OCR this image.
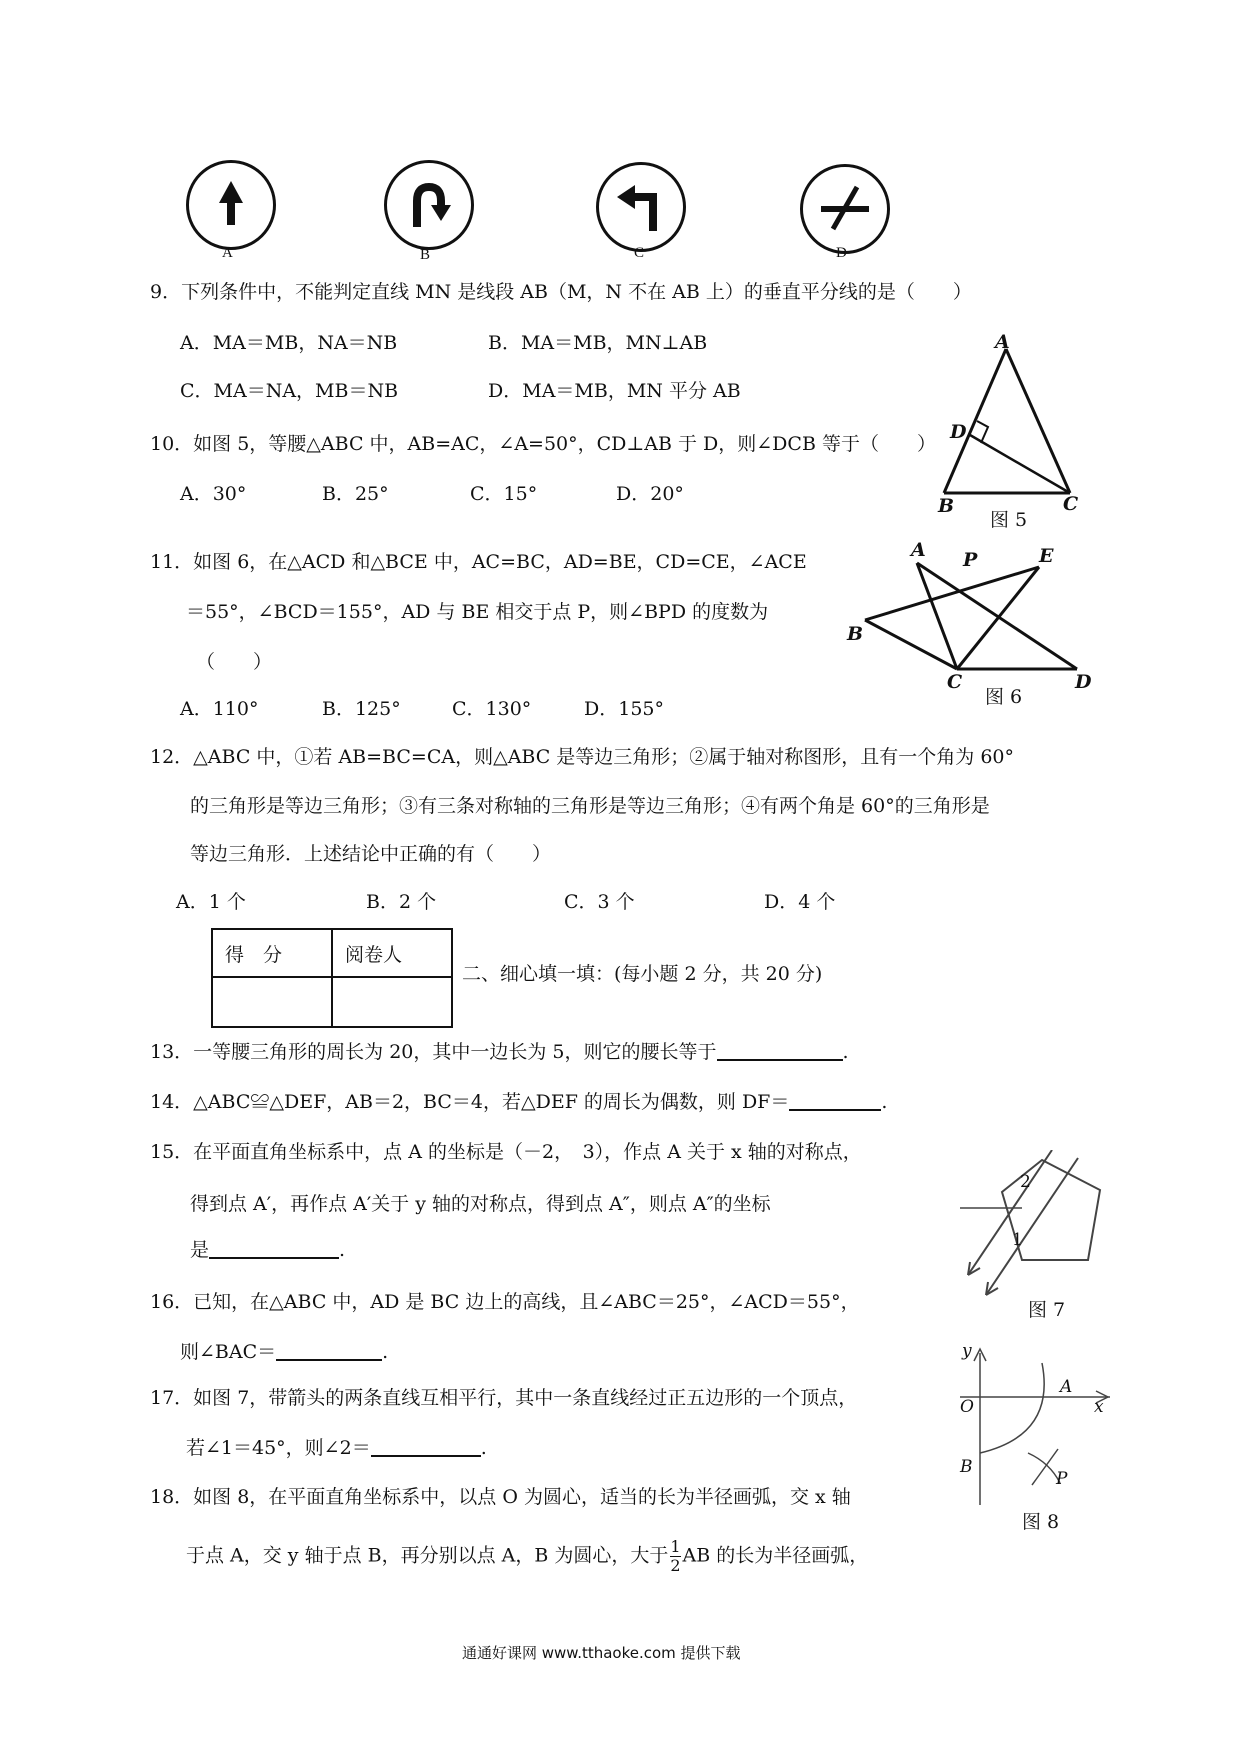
A	B	C	D
9．下列条件中，不能判定直线 MN 是线段 AB（M，N 不在 AB 上）的垂直平分线的是（　　）
A．MA＝MB，NA＝NB	B．MA＝MB，MN⊥AB
C．MA＝NA，MB＝NB	D．MA＝MB，MN 平分 AB
A
D
B	C
图 5
10．如图 5，等腰△ABC 中，AB=AC，∠A=50°，CD⊥AB 于 D，则∠DCB 等于（　　）
A．30°	B．25°	C．15°	D．20°
A P	E
B
C	D
图 6
11．如图 6，在△ACD 和△BCE 中，AC=BC，AD=BE，CD=CE，∠ACE
＝55°，∠BCD＝155°，AD 与 BE 相交于点 P，则∠BPD 的度数为
（　　）
A．110°	B．125°	C．130°	D．155°
12．△ABC 中，①若 AB=BC=CA，则△ABC 是等边三角形；②属于轴对称图形，且有一个角为 60°
的三角形是等边三角形；③有三条对称轴的三角形是等边三角形；④有两个角是 60°的三角形是
等边三角形．上述结论中正确的有（　　）
A．1 个	B．2 个	C．3 个	D．4 个
得　分	阅卷人

二、细心填一填：(每小题 2 分，共 20 分)
13．一等腰三角形的周长为 20，其中一边长为 5，则它的腰长等于	.
14．△ABC≌△DEF，AB＝2，BC＝4，若△DEF 的周长为偶数，则 DF＝	.
2
1
图 7
15．在平面直角坐标系中，点 A 的坐标是（－2，　3），作点 A 关于 x 轴的对称点，
得到点 A′，再作点 A′关于 y 轴的对称点，得到点 A″，则点 A″的坐标
是	.
16．已知，在△ABC 中，AD 是 BC 边上的高线，且∠ABC＝25°，∠ACD＝55°，
则∠BAC＝	.	y
x
O
A
B
P
图 8
17．如图 7，带箭头的两条直线互相平行，其中一条直线经过正五边形的一个顶点，
若∠1＝45°，则∠2＝	.
18．如图 8，在平面直角坐标系中，以点 O 为圆心，适当的长为半径画弧，交 x 轴
于点 A，交 y 轴于点 B，再分别以点 A，B 为圆心，大于 $\frac{1}{2}$ AB 的长为半径画弧，
通通好课网 www.tthaoke.com 提供下载
